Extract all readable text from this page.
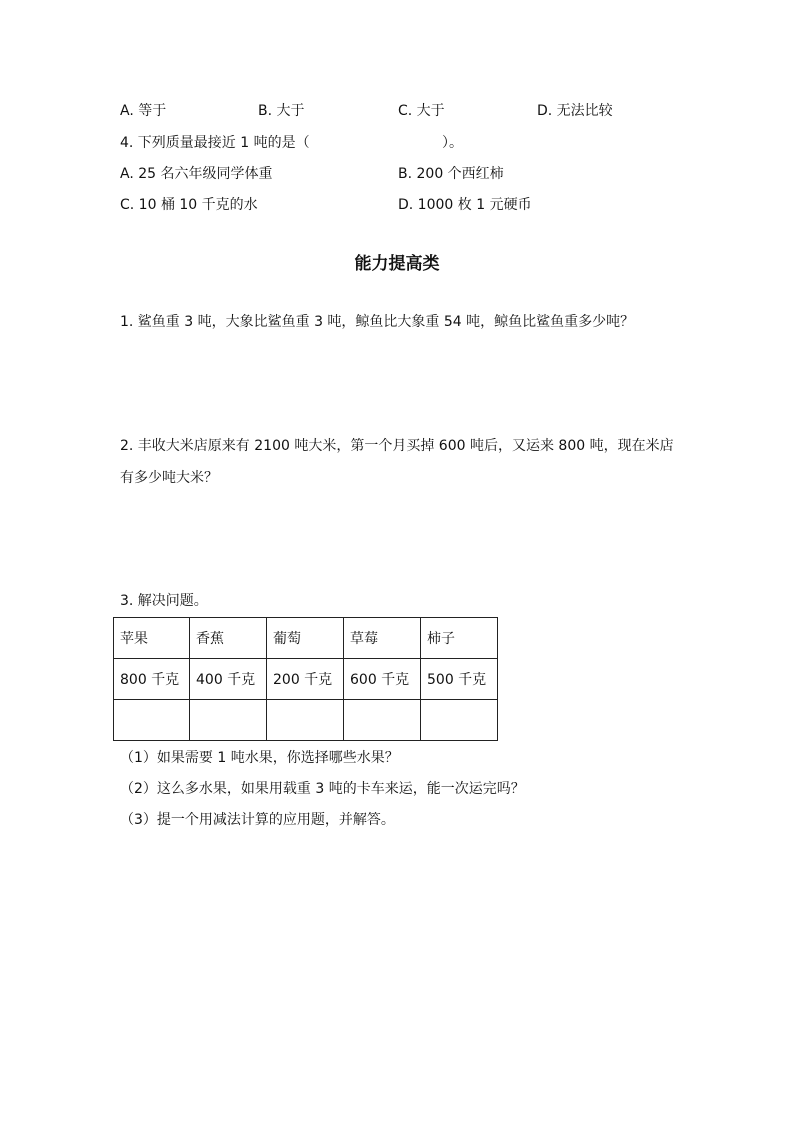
A. 等于	B. 大于	C. 大于	D. 无法比较
4. 下列质量最接近 1 吨的是（	）。
A. 25 名六年级同学体重	B. 200 个西红柿
C. 10 桶 10 千克的水	D. 1000 枚 1 元硬币
能力提高类
1. 鲨鱼重 3 吨，大象比鲨鱼重 3 吨，鲸鱼比大象重 54 吨，鲸鱼比鲨鱼重多少吨？
2. 丰收大米店原来有 2100 吨大米，第一个月买掉 600 吨后，又运来 800 吨，现在米店有多少吨大米？
3. 解决问题。
苹果	香蕉	葡萄	草莓	柿子
800 千克	400 千克	200 千克	600 千克	500 千克

（1）如果需要 1 吨水果，你选择哪些水果？
（2）这么多水果，如果用载重 3 吨的卡车来运，能一次运完吗？
（3）提一个用减法计算的应用题，并解答。
